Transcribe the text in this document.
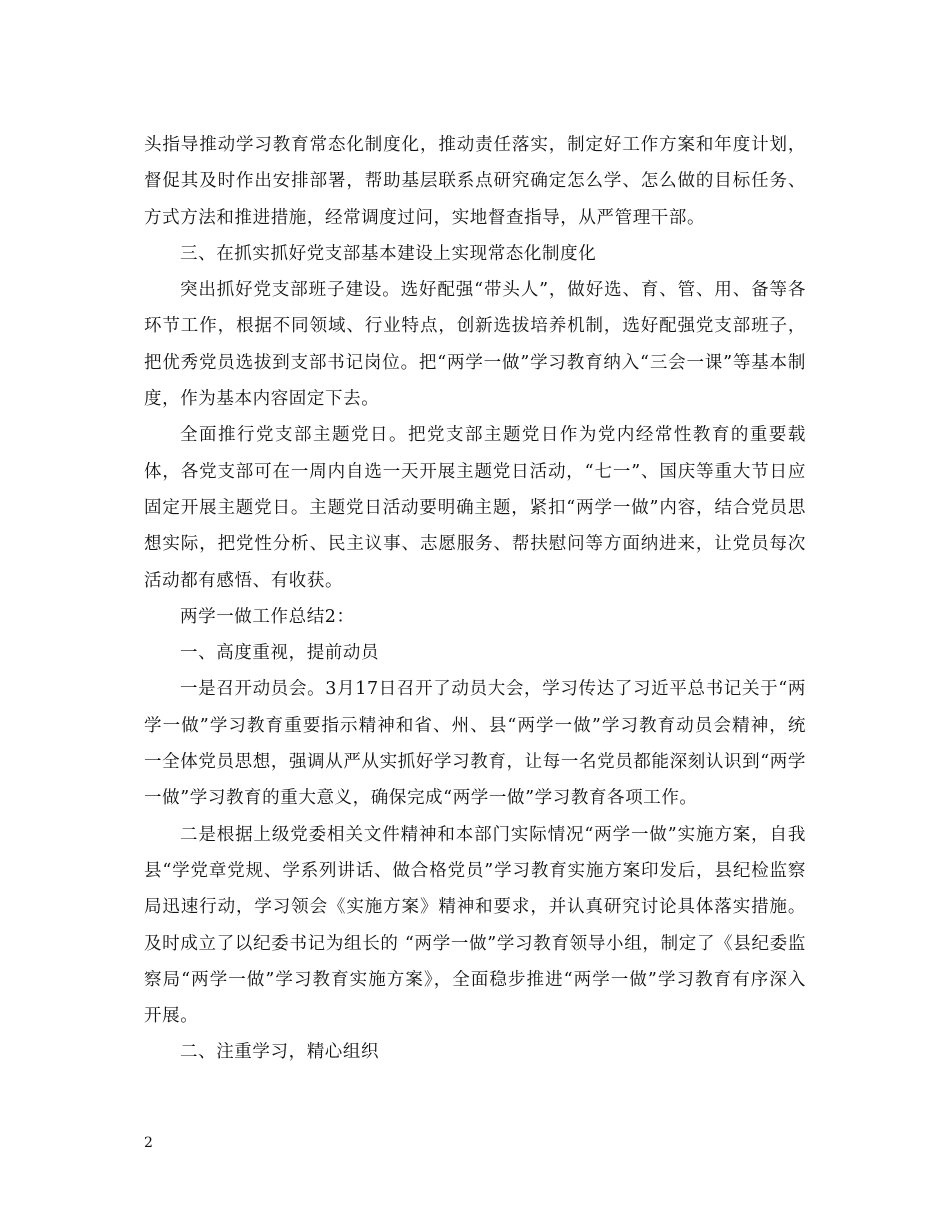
头指导推动学习教育常态化制度化，推动责任落实，制定好工作方案和年度计划，督促其及时作出安排部署，帮助基层联系点研究确定怎么学、怎么做的目标任务、方式方法和推进措施，经常调度过问，实地督查指导，从严管理干部。

三、在抓实抓好党支部基本建设上实现常态化制度化

突出抓好党支部班子建设。选好配强“带头人”，做好选、育、管、用、备等各环节工作，根据不同领域、行业特点，创新选拔培养机制，选好配强党支部班子，把优秀党员选拔到支部书记岗位。把“两学一做”学习教育纳入“三会一课”等基本制度，作为基本内容固定下去。

全面推行党支部主题党日。把党支部主题党日作为党内经常性教育的重要载体，各党支部可在一周内自选一天开展主题党日活动，“七一”、国庆等重大节日应固定开展主题党日。主题党日活动要明确主题，紧扣“两学一做”内容，结合党员思想实际，把党性分析、民主议事、志愿服务、帮扶慰问等方面纳进来，让党员每次活动都有感悟、有收获。

两学一做工作总结2：

一、高度重视，提前动员

一是召开动员会。3月17日召开了动员大会，学习传达了习近平总书记关于“两学一做”学习教育重要指示精神和省、州、县“两学一做”学习教育动员会精神，统一全体党员思想，强调从严从实抓好学习教育，让每一名党员都能深刻认识到“两学一做”学习教育的重大意义，确保完成“两学一做”学习教育各项工作。

二是根据上级党委相关文件精神和本部门实际情况“两学一做”实施方案，自我县“学党章党规、学系列讲话、做合格党员”学习教育实施方案印发后，县纪检监察局迅速行动，学习领会《实施方案》精神和要求，并认真研究讨论具体落实措施。及时成立了以纪委书记为组长的 “两学一做”学习教育领导小组，制定了《县纪委监察局“两学一做”学习教育实施方案》，全面稳步推进“两学一做”学习教育有序深入开展。

二、注重学习，精心组织

2
